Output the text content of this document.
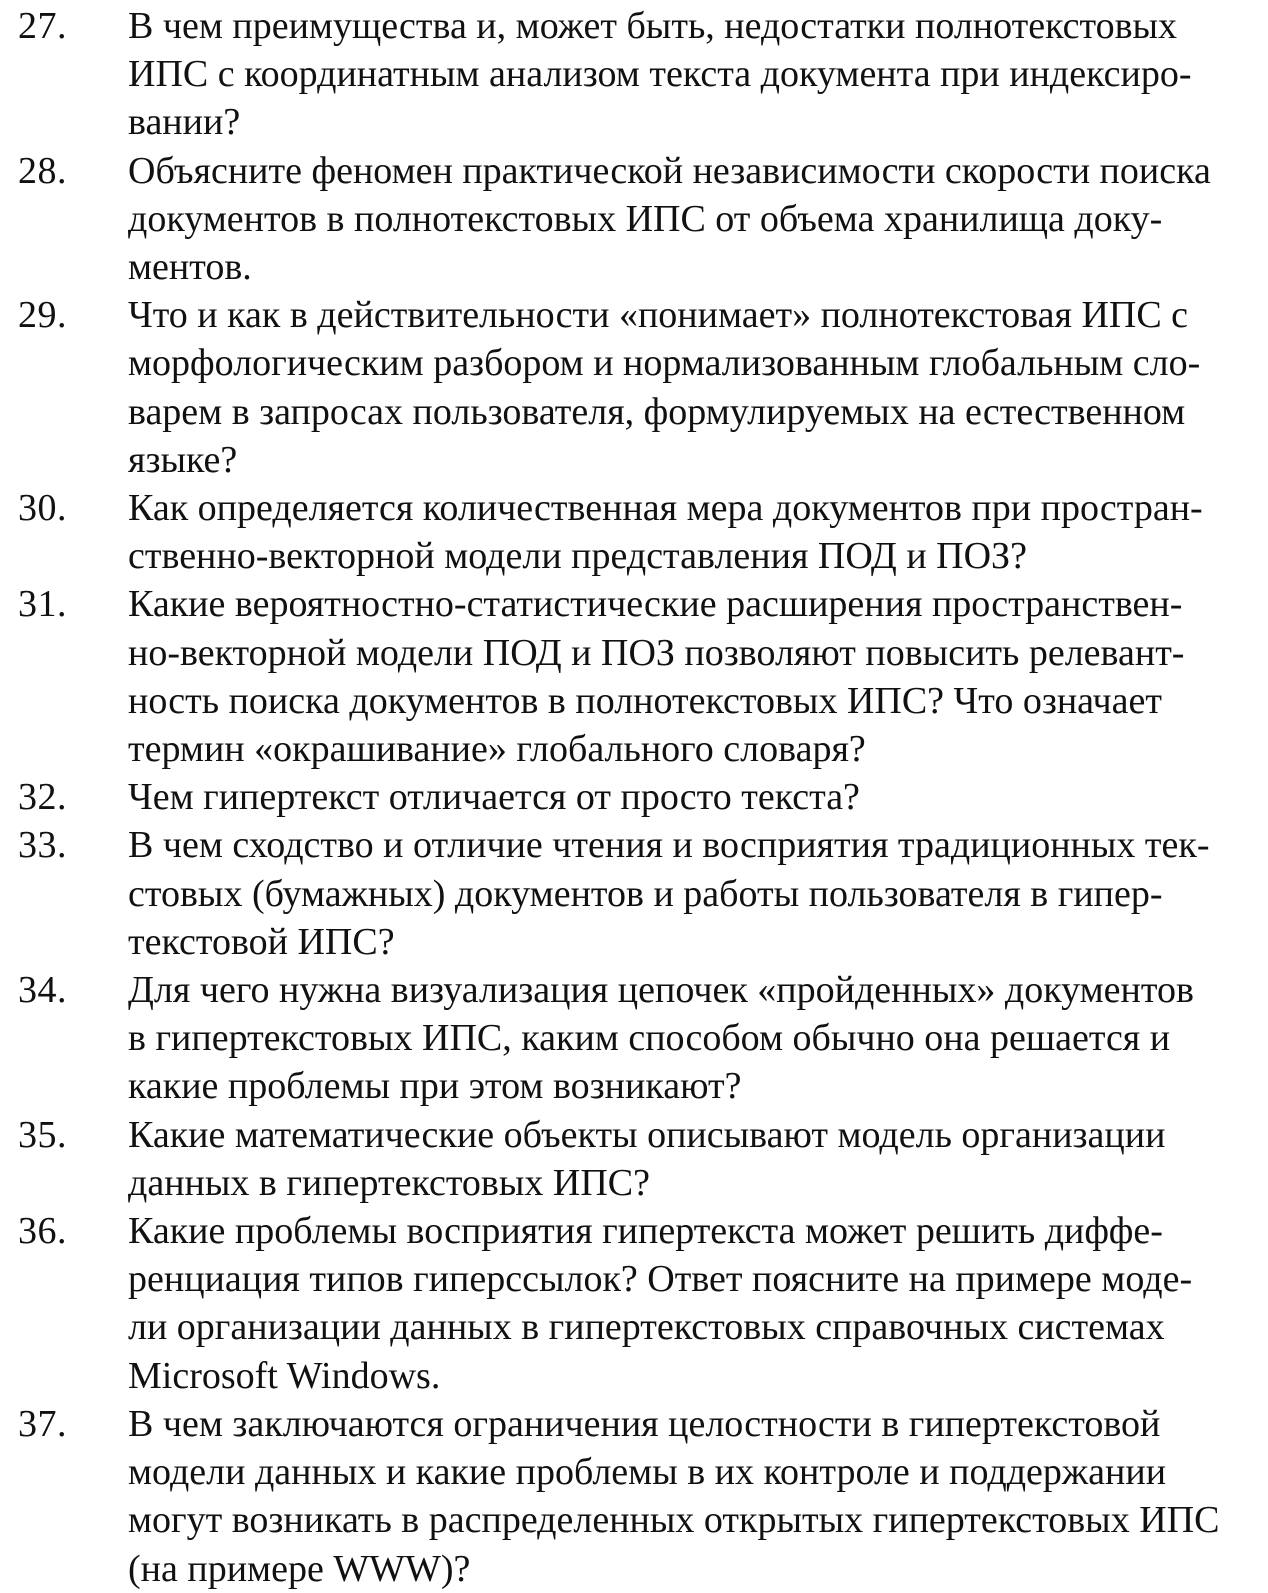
27.	В чем преимущества и, может быть, недостатки полнотекстовых
ИПС с координатным анализом текста документа при индексиро-
вании?
28.	Объясните феномен практической независимости скорости поиска
документов в полнотекстовых ИПС от объема хранилища доку-
ментов.
29.	Что и как в действительности «понимает» полнотекстовая ИПС с
морфологическим разбором и нормализованным глобальным сло-
варем в запросах пользователя, формулируемых на естественном
языке?
30.	Как определяется количественная мера документов при простран-
ственно-векторной модели представления ПОД и ПОЗ?
31.	Какие вероятностно-статистические расширения пространствен-
но-векторной модели ПОД и ПОЗ позволяют повысить релевант-
ность поиска документов в полнотекстовых ИПС? Что означает
термин «окрашивание» глобального словаря?
32.	Чем гипертекст отличается от просто текста?
33.	В чем сходство и отличие чтения и восприятия традиционных тек-
стовых (бумажных) документов и работы пользователя в гипер-
текстовой ИПС?
34.	Для чего нужна визуализация цепочек «пройденных» документов
в гипертекстовых ИПС, каким способом обычно она решается и
какие проблемы при этом возникают?
35.	Какие математические объекты описывают модель организации
данных в гипертекстовых ИПС?
36.	Какие проблемы восприятия гипертекста может решить диффе-
ренциация типов гиперссылок? Ответ поясните на примере моде-
ли организации данных в гипертекстовых справочных системах
Microsoft Windows.
37.	В чем заключаются ограничения целостности в гипертекстовой
модели данных и какие проблемы в их контроле и поддержании
могут возникать в распределенных открытых гипертекстовых ИПС
(на примере WWW)?
